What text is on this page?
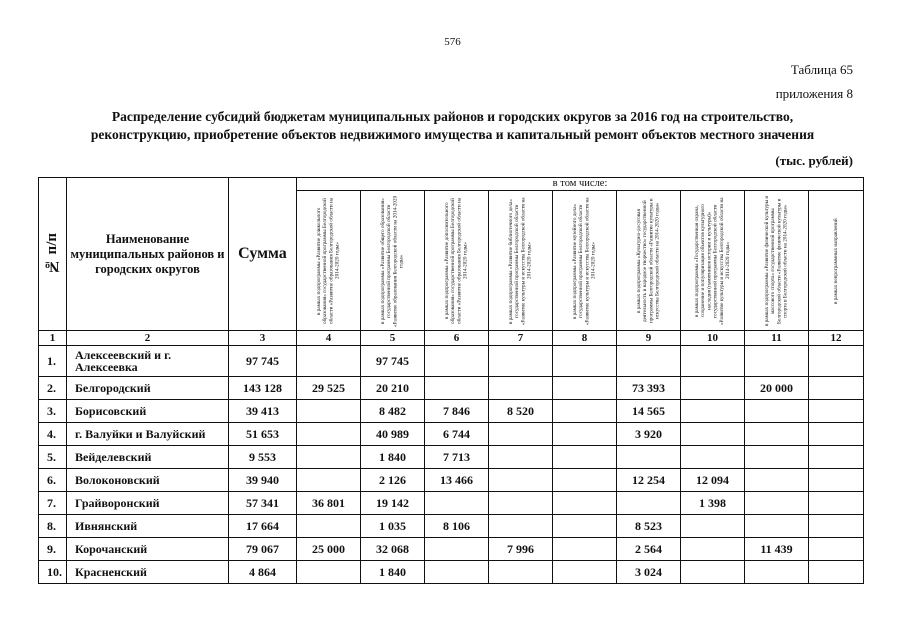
576
Таблица 65
приложения 8
Распределение субсидий бюджетам муниципальных районов и городских округов за 2016 год на строительство,
реконструкцию, приобретение объектов недвижимого имущества и капитальный ремонт объектов местного значения
(тыс. рублей)
№ п/п	Наименование муниципальных районов и городских округов	Сумма	в том числе:								

			в рамках подпрограммы «Развитие дошкольного образования» государственной программы Белгородской области «Развитие образования Белгородской области на 2014-2020 годы»	в рамках подпрограммы «Развитие общего образования» государственной программы Белгородской области «Развитие образования Белгородской области на 2014-2020 годы»	в рамках подпрограммы «Развитие дополнительного образования» государственной программы Белгородской области «Развитие образования Белгородской области на 2014-2020 годы»	в рамках подпрограммы «Развитие библиотечного дела» государственной программы Белгородской области «Развитие культуры и искусства Белгородской области на 2014-2020 годы»	в рамках подпрограммы «Развитие музейного дела» государственной программы Белгородской области «Развитие культуры и искусства Белгородской области на 2014-2020 годы»	в рамках подпрограммы «Культурно-досуговая деятельность и народное творчество» государственной программы Белгородской области «Развитие культуры и искусства Белгородской области на 2014-2020 годы»	в рамках подпрограммы «Государственная охрана, сохранение и популяризация объектов культурного наследия (памятников истории и культуры)» государственной программы Белгородской области «Развитие культуры и искусства Белгородской области на 2014-2020 годы»	в рамках подпрограммы «Развитие физической культуры и массового спорта» государственной программы Белгородской области «Развитие физической культуры и спорта в Белгородской области на 2014-2020 годы»	в рамках непрограммных направлений

1	2	3	4	5	6	7	8	9	10	11	12
1.	Алексеевский и г. Алексеевка	97 745		97 745							
2.	Белгородский	143 128	29 525	20 210				73 393		20 000	
3.	Борисовский	39 413		8 482	7 846	8 520		14 565			
4.	г. Валуйки и Валуйский	51 653		40 989	6 744			3 920			
5.	Вейделевский	9 553		1 840	7 713						
6.	Волоконовский	39 940		2 126	13 466			12 254	12 094		
7.	Грайворонский	57 341	36 801	19 142					1 398		
8.	Ивнянский	17 664		1 035	8 106			8 523			
9.	Корочанский	79 067	25 000	32 068		7 996		2 564		11 439	
10.	Красненский	4 864		1 840				3 024			
